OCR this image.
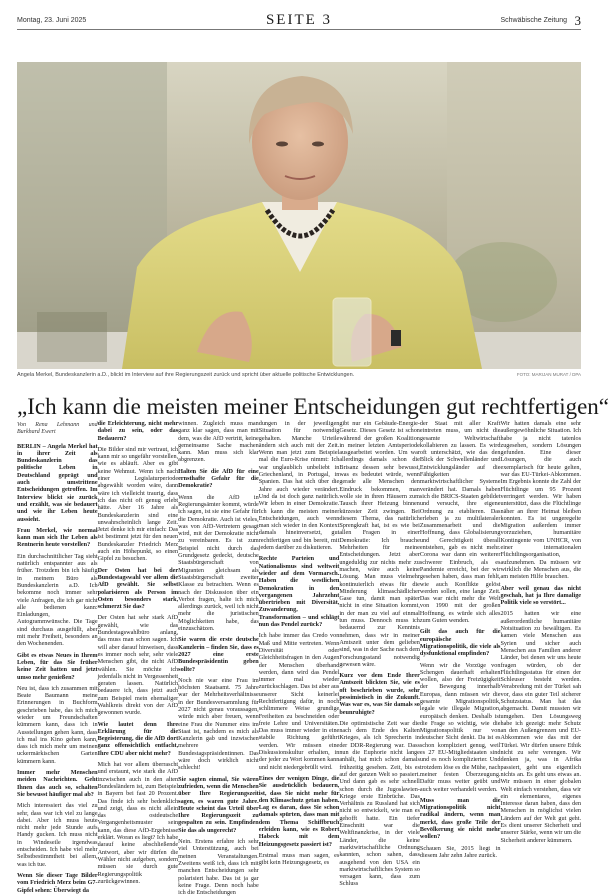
Montag, 23. Juni 2025	SEITE 3	Schwäbische Zeitung 3
Angela Merkel, Bundeskanzlerin a.D., blickt im Interview auf ihre Regierungszeit zurück und spricht über aktuelle politische Entwicklungen.	FOTO: MARIJAN MURAT / DPA
„Ich kann die meisten meiner Entscheidungen gut rechtfertigen“
Von Rena Lehmann und Burkhard Ewert

BERLIN – Angela Merkel hat in ihrer Zeit als Bundeskanzlerin das politische Leben in Deutschland geprägt und auch umstrittene Entscheidungen getroffen. Im Interview blickt sie zurück und erzählt, was sie bedauert und wie ihr Leben heute aussieht.

Frau Merkel, wie normal kann man sich Ihr Leben als Rentnerin heute vorstellen?

Ein durchschnittlicher Tag sieht natürlich entspannter aus als früher. Trotzdem bin ich häufig in meinem Büro als Bundeskanzlerin a.D. Ich bekomme noch immer sehr viele Anfragen, die ich gar nicht alle bedienen kann: Einladungen, Autogrammwünsche. Die Tage sind durchaus ausgefüllt, aber mit mehr Freiheit, besonders an den Wochenenden.

Gibt es etwas Neues in Ihrem Leben, für das Sie früher keine Zeit hatten und jetzt umso mehr genießen?

Neu ist, dass ich zusammen mit Beate Baumann meine Erinnerungen in Buchform geschrieben habe, das ich mich wieder um Freundschaften kümmern kann, dass ich in Ausstellungen gehen kann, dass ich mal ins Kino gehen kann, dass ich mich mehr um meinen uckermärkischen Garten kümmern kann.

Immer mehr Menschen meiden Nachrichten. Geht Ihnen das auch so, schalten Sie bewusst häufiger mal ab?

Mich interessiert das viel zu sehr, dass war ich viel zu lange dabei. Aber ich muss heute nicht mehr jede Stunde aufs Handy gucken. Ich muss nicht in Windeseile irgendwas entscheiden. Ich habe viel mehr Selbstbestimmtheit bei allem, was ich tue.

Wenn Sie dieser Tage Bilder vom Friedrich Merz beim G7-Gipfel sehen: Überwiegt da

die Erleichterung, nicht mehr dabei zu sein, oder das Bedauern?

Die Bilder sind mir vertraut, ich kann mir so ungefähr vorstellen, wie es abläuft. Aber es gibt keine Wehmut. Wenn ich nach einer Legislaturperiode abgewählt worden wäre, dann wäre ich vielleicht traurig, dass ich das nicht oft genug erlebt hätte. Aber 16 Jahre als Bundeskanzlerin sind eine unwahrscheinlich lange Zeit. Jetzt denke ich mir einfach: Das ist bestimmt jetzt für den neuen Bundeskanzler Friedrich Merz auch ein Höhepunkt, so einen Gipfel zu besuchen.

Der Osten hat bei der Bundestagswahl vor allem die AfD gewählt. Sie selbst polarisieren als Person im Osten besonders stark, schmerzt Sie das?

Der Osten hat sehr stark AfD gewählt, wie das Bundestagswahlbüro anlang, das muss man schon sagen. Ich will aber darauf hinweisen, dass es immer noch sehr, sehr viele Menschen gibt, die nicht AfD wählen. Sie möchte ich jedenfalls nicht in Vergessenheit geraten lassen. Natürlich bedauere ich, dass jetzt auch zum Beispiel mein ehemaliger Wahlkreis direkt von der AfD gewonnen wurde.

Wie lautet denn Ihre Erklärung für die Begeisterung, die die AfD dort ganz offensichtlich entfacht, Ihre CDU aber nicht mehr?

Mich hat vor allem überrascht und erstaunt, wie stark die AfD inzwischen auch in den alten Bundesländern ist, zum Beispiel in Bayern bei fast 20 Prozent. Das finde ich sehr bedenklich und zeigt, dass es nicht allein das ostdeutsche Vergangenheitsmuster sein kann, das diese AfD-Ergebnisse erklärt. Woran es liegt? Ich habe darauf keine abschließende Antwort, aber wir dürfen die Wähler nicht aufgeben, sondern müssen sie durch gute Regierungspolitik zurückgewinnen.

winnen. Zugleich muss man ganz klar sagen, dass man mit dem, was die AfD vertritt, keine gemeinsame Sache machen kann. Man muss sich klar abgrenzen.

Halten Sie die AfD für eine ernsthafte Gefahr für die Demokratie?

Wenn die AfD in Regierungsämter kommt, würde ich sagen, ist sie eine Gefahr für die Demokratie. Auch ist vieles, was von AfD-Vertretern gesagt wird, mit der Demokratie nicht zu vereinbaren. Es ist zum Beispiel nicht durch das Grundgesetz gedeckt, deutsche Staatsbürgerschaft von Migranten gleichsam als Staatsbürgerschaft zweiter Klasse zu betrachten. Wenn es nach der Diskussion über ein Verbot fragen, halte ich mich allerdings zurück, weil ich nicht mehr die juristischen Möglichkeiten habe, das einzuschätzen.

Sie waren die erste deutsche Kanzlerin – finden Sie, dass es 2027 eine erste Bundespräsidentin geben sollte?

Noch nie war eine Frau im höchsten Staatsamt. 75 Jahre war der Mehrheitsverhältnisse in der Bundesversammlung für 2027 nicht genau voraussagen, würde mich aber freuen, wenn eine Frau die Nummer eins im Staat ist, nachdem es mich als Kanzlerin gab und inzwischen mehrere Bundestagspräsidentinnen. Das wäre doch wirklich nicht schlecht!

Sie sagten einmal, Sie wären zufrieden, wenn die Menschen über Ihre Regierungszeit sagen, es waren gute Jahre. Heute scheint das Urteil über Ihre Regierungszeit zu gespalten zu sein. Empfinden Sie das als ungerecht?

Nein. Erstens erfahre ich sehr viel Unterstützung, auch bei meinen Veranstaltungen. Zweitens weiß ich, dass ich mit manchen Entscheidungen sehr polarisiert habe. Das ist ja gar keine Frage. Denn noch habe ich die Entscheidungen

dungen in der jeweiligen Situation für notwendig gehalten. Manche Urteile ändern sich auch mit der Zeit. Wenn man jetzt zum Beispiel mal die Euro-Krise nimmt: Ich war unglaublich unbeliebt in Griechenland, in Portugal, in Spanien. Das hat sich über die Jahre auch wieder verändert. Und da ist doch ganz natürlich. Wir leben in einer Demokratie. Ich kann die meisten meiner Entscheidungen, auch wenn man sich wieder in den Kontext damals hineinversetzt, gut rechtfertigen und bin bereit, mit jedem darüber zu diskutieren.

Rechte Parteien und Nationalismus sind weltweit wieder auf dem Vormarsch. Haben die westlichen Demokratien in den vergangenen Jahrzehnt übertrieben mit Diversität, Zuwanderung, Transformation – und schlägt nun das Pendel zurück?

Ich habe immer das Credo von Maß und Mitte vertreten. Wenn Diversität oder Gleichheitsfragen in den Augen der Menschen überhand werden, dann wird das Pendel immer mal wieder zurückschlagen. Das ist aber aus unserer Sicht keinerlei Rechtfertigung dafür, in noch schlimmere Weise grundige Freiheiten zu beschneiden oder freie Lehre und Universitäten. Das muss immer wieder in eine stabile Richtung geführt werden. Wir müssen eine Diskussionskultur erhalten, in der jeder zu Wort kommen kann und nicht niedergebrüllt wird.

Eines der wenigen Dinge, die Sie ausdrücklich bedauern, ist, dass Sie nicht mehr für den Klimaschutz getan haben. Lag es daran, dass Sie schon damals spürten, dass man mit dem Thema Schiffbruch erleiden kann, wie es Robert Habeck mit dem Heizungsgesetz passiert ist?

Erstmal muss man sagen, es gibt kein Heizungsgesetz, es

gibt nur ein Gebäude-Energie-Gesetz. Dieses Gesetz ist schon während der großen Koalition in meiner letzten Amtsperiode ausgearbeitet worden. Um war allerdings damals schon die Brisanz dessen sehr bewusst, was es bedeutet würde, wenn gerade alle Menschen den Eindruck bekommen, man wolle sie in ihren Häusern zum Tausch ihrer Heizung binnen kürzester Zeit zwingen. Bei diesem Thema, das natürlich Sprengkraft hat, ist es wie bei allen Fragen in einer Demokratie: Ich brauche Mehrheiten für meine Entscheidungen. Jetzt aber ungeduldig zur nichts mehr zu machen, wäre auch keine Lösung. Man muss vielmehr kontinuierlich etwas für die Minderung klimaschädlicher Gase tun, damit man später nicht in eine Situation kommt, in der man zu viel auf einmal tun muss. Dennoch muss ich bedauernd zur Kenntnis nehmen, dass wir in meiner Amtszeit unter dem gelieben sind, was in der Sache nach dem Forschungsstand notwendig gewesen wäre.

Kurz vor dem Ende Ihrer Amtszeit blickten Sie, wie es oft beschrieben wurde, sehr pessimistisch in die Zukunft. Was war es, was Sie damals so beunruhigte?

Die optimistische Zeit war die nach dem Ende des Kalten Krieges, als ich Sprecherin in der DDR-Regierung war. Dass nun die Euphorie nicht lange anhält, hat mich schon damals frühzeitig gesehen. Zeit, bis es auf der ganzen Welt so passiert. Und dann gab es sehr schnell schon durch die Jugoslawien-Kriege erste Einbrüche. Das Verhältnis zu Russland hat sich nicht so entwickelt, wie man es gehofft hatte. Ein tiefer Einschnitt war die Weltfinanzkrise, in der viele Länder, die keine marktwirtschaftliche Ordnung kannten, schon sahen, dass ausgehend von den USA ein marktwirtschaftliches System so versagen kann, dass zum Schluss

der Staat mit aller Kraft eintreten muss, um nicht die gesamte Weltwirtschaft kollabieren zu lassen. Es wird oft unterschätzt, wie das den Blick der Schwellenländer und Entwicklungsländer auf die Fähigkeiten marktwirtschaftlicher Systeme verändert hat. Damals haben sich die BRICS-Staaten gebildet und versucht, ihre eigene Ordnung zu etablieren. Das erleben ja zu multilateraler Zusammenarbeit und die Hoffnung, dass Globalisierung und Gerechtigkeit überall entstehen, gab es nicht mehr. Corona war dann ein weiterer schwerer Einbruch, als es Pandemie erreicht, bei der wir gesehen haben, dass man fehlt, wie auch Konflikte gelöst werden sollen, eine lange Zeit. Das war nicht mehr die Welt von 1990 mit der großen Hoffnung, es würde sich alles zum Guten wenden.

Gilt das auch für die europäische Migrationspolitik, die viele als dysfunktional empfinden?

Wenn wir die Vorzüge von Schengen dauerhaft erhalten wollen, also der Freizügigkeit der Bewegung innerhalb Europas, dann müssen wir die gesamte Migrationspolitik, legale wie illegale Migration, europäisch denken. Deshalb ist die Frage so wichtig, wie die Migrationspolitik nur von deutscher Sicht denkt. Da ist es schon kompliziert genug, weil es 27 EU-Mitgliedstaaten sind und es noch komplizierter. Und trotzdem löse es die Mühe, nach meiner festen Überzeugung. Dafür muss weiter geübt und auch weiter verhandelt werden.

Muss man die Migrationspolitik nicht radikal ändern, wenn man merkt, dass große Teile der Bevölkerung sie nicht mehr wollen?

Schauen Sie, 2015 liegt in diesem Jahr zehn Jahre zurück.

Wir hatten damals eine sehr außergewöhnliche Situation. Ich habe ja nicht tatenlos zugesehen, sondern Lösungen gefunden. Eine dieser Lösungen, die auch exemplarisch für heute gelten, war das EU-Türkei-Abkommen. Im Ergebnis konnte die Zahl der Flüchtlinge um 95 Prozent verringert werden. Wir haben unterstützt, dass die Flüchtlinge näher an ihrer Heimat bleiben konnten. Es ist ungeregelte Migration außerdem immer vorzuziehen, humanitäre Kontingente vom UNHCR, von einer internationalen Flüchtlingsorganisation, aufzunehmen. Da müssen wir wirklich die Menschen aus, die am meisten Hilfe brauchen.

Aber weil genau das nicht geschah, hat ja Ihre damalige Politik viele so verstört...

2015 hatten wir eine außerordentliche humanitäre Notsituation zu bewältigen. Es kamen viele Menschen aus Syrien und sicher auch Menschen aus Familien anderer Länder, bei denen wir uns heute fragen würden, ob der Flüchtlingsstatus für einen der Schleuser besteht werden. Verabredung mit der Türkei sah vor, dass ein guter Teil sicherer Schutzstatus. Man hat das abgemacht. Damit mussten wir umgehen. Den Lösungsweg habe ich gezeigt: mehr Schutz an den Außengrenzen und EU-Abkommen wie das mit der Türkei. Wir dürfen unsere Ethik nicht zu sehr verengen. Wir denken ja, was in Afrika passiert, geht uns eigentlich nichts an. Es geht uns etwas an. Wir müssen in einer globalen Welt einfach verstehen, dass wir ein elementares, eigenes Interesse daran haben, dass den Menschen in möglichst vielen Ländern auf der Welt gut geht. Es dient unserer Sicherheit und unserer Stärke, wenn wir um die Sicherheit anderer kümmern.
